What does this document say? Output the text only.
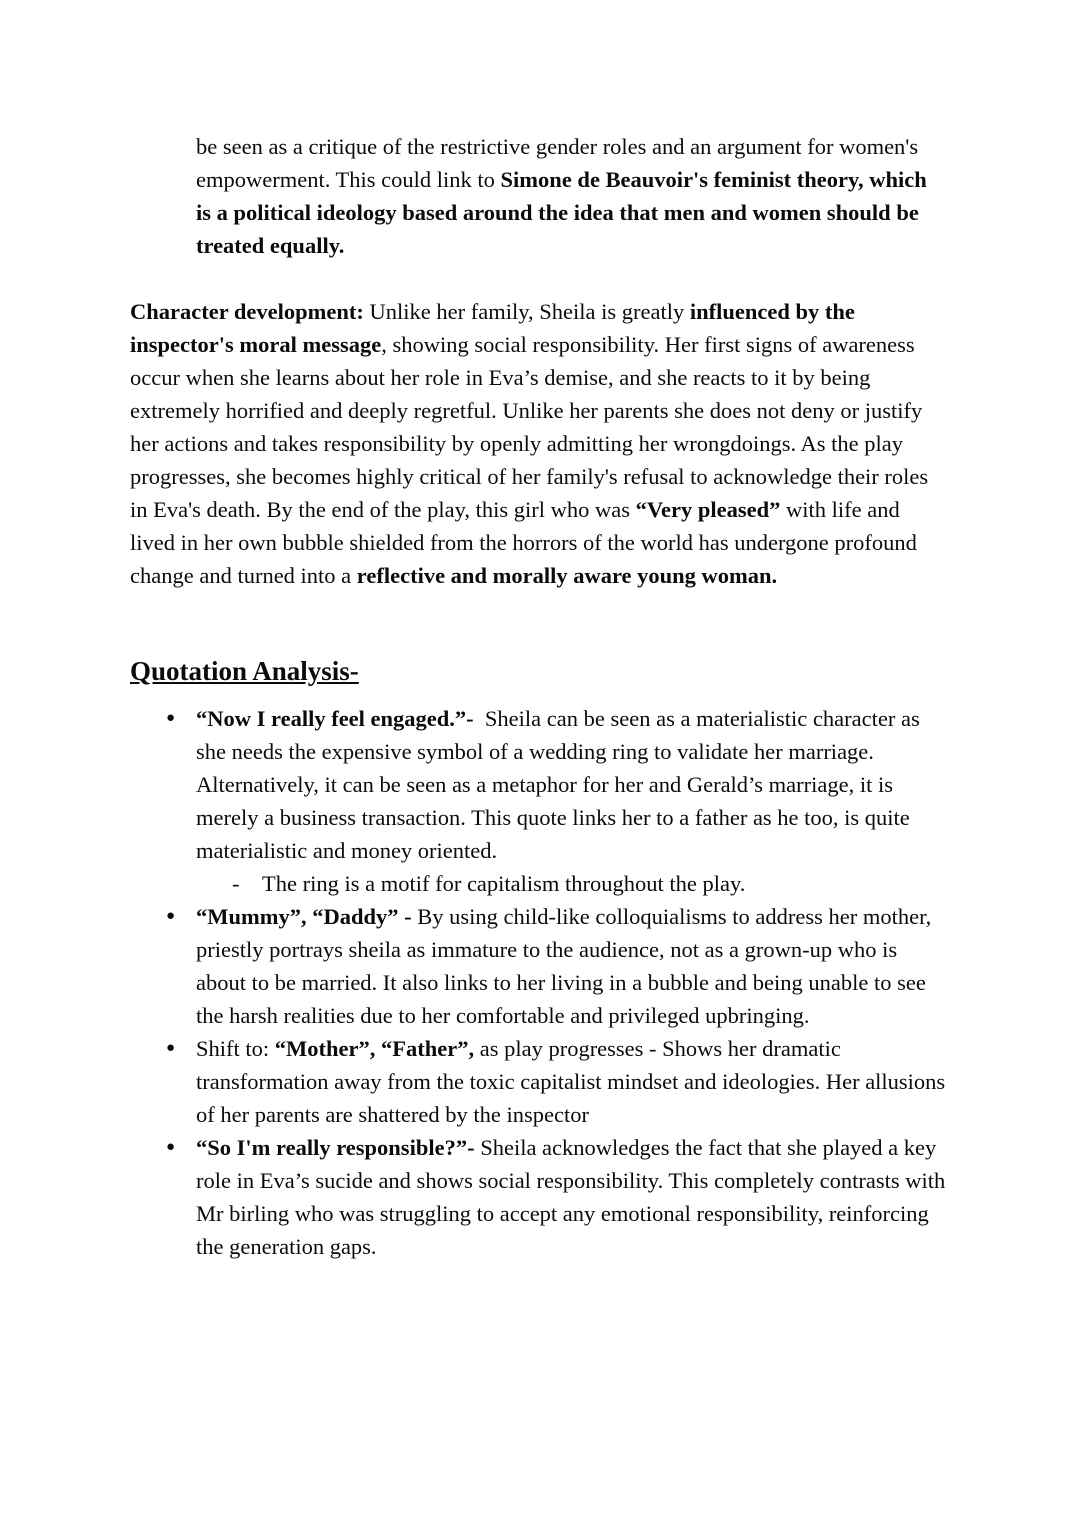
be seen as a critique of the restrictive gender roles and an argument for women's empowerment. This could link to Simone de Beauvoir's feminist theory, which is a political ideology based around the idea that men and women should be treated equally.
Character development: Unlike her family, Sheila is greatly influenced by the inspector's moral message, showing social responsibility. Her first signs of awareness occur when she learns about her role in Eva’s demise, and she reacts to it by being extremely horrified and deeply regretful. Unlike her parents she does not deny or justify her actions and takes responsibility by openly admitting her wrongdoings. As the play progresses, she becomes highly critical of her family's refusal to acknowledge their roles in Eva's death. By the end of the play, this girl who was “Very pleased” with life and lived in her own bubble shielded from the horrors of the world has undergone profound change and turned into a reflective and morally aware young woman.
Quotation Analysis-
● “Now I really feel engaged.”-  Sheila can be seen as a materialistic character as she needs the expensive symbol of a wedding ring to validate her marriage. Alternatively, it can be seen as a metaphor for her and Gerald’s marriage, it is merely a business transaction. This quote links her to a father as he too, is quite materialistic and money oriented.
-	The ring is a motif for capitalism throughout the play.
● “Mummy”, “Daddy” - By using child-like colloquialisms to address her mother, priestly portrays sheila as immature to the audience, not as a grown-up who is about to be married. It also links to her living in a bubble and being unable to see the harsh realities due to her comfortable and privileged upbringing.
● Shift to: “Mother”, “Father”, as play progresses - Shows her dramatic transformation away from the toxic capitalist mindset and ideologies. Her allusions of her parents are shattered by the inspector
● “So I'm really responsible?”- Sheila acknowledges the fact that she played a key role in Eva’s sucide and shows social responsibility. This completely contrasts with Mr birling who was struggling to accept any emotional responsibility, reinforcing the generation gaps.
